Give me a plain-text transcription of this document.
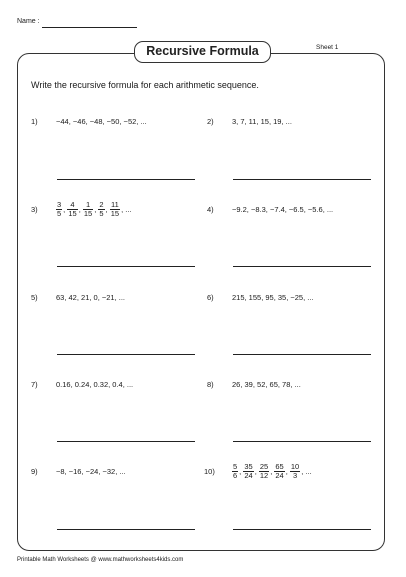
Name :
Recursive Formula	Sheet 1
Write the recursive formula for each arithmetic sequence.
1) −44, −46, −48, −50, −52, ...	2) 3, 7, 11, 15, 19, ...
$3) \frac{3}{5}$ , $\frac{4}{15}$ , $\frac{1}{15}$ , $\frac{2}{5}$ , $\frac{11}{15}$ , ...	4) −9.2, −8.3, −7.4, −6.5, −5.6, ...
5) 63, 42, 21, 0, −21, ...	6) 215, 155, 95, 35, −25, ...
7) 0.16, 0.24, 0.32, 0.4, ...	8) 26, 39, 52, 65, 78, ...
9) −8, −16, −24, −32, ...	$10) \frac{5}{6}$ , $\frac{35}{24}$ , $\frac{25}{12}$ , $\frac{65}{24}$ , $\frac{10}{3}$ , ...
Printable Math Worksheets @ www.mathworksheets4kids.com
